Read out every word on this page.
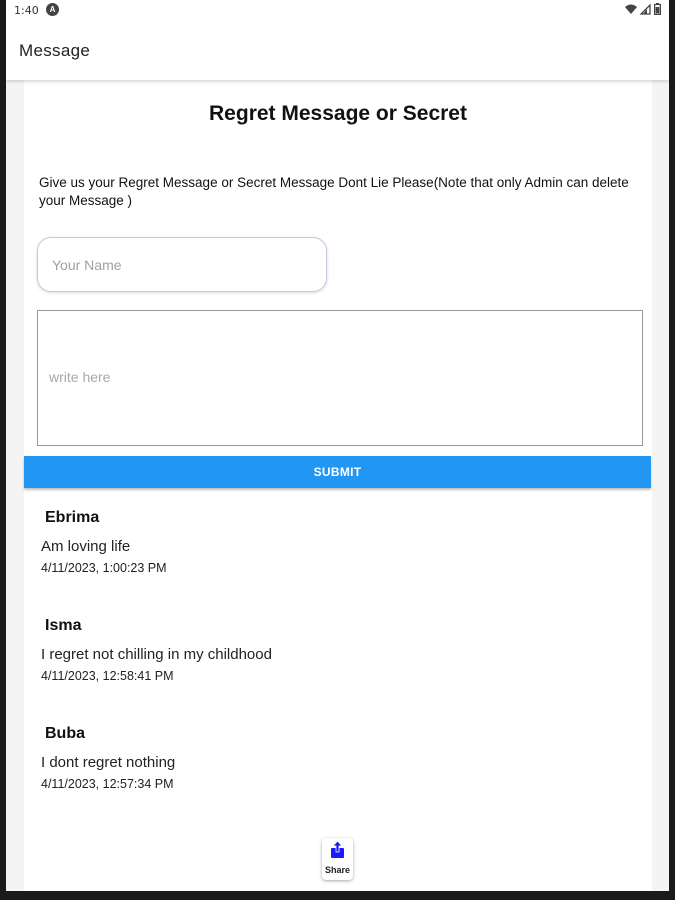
1:40	A
Message
Regret Message or Secret
Give us your Regret Message or Secret Message Dont Lie Please(Note that only Admin can delete your Message )
Your Name
write here
SUBMIT
Ebrima
Am loving life
4/11/2023, 1:00:23 PM
Isma
I regret not chilling in my childhood
4/11/2023, 12:58:41 PM
Buba
I dont regret nothing
4/11/2023, 12:57:34 PM
Share
